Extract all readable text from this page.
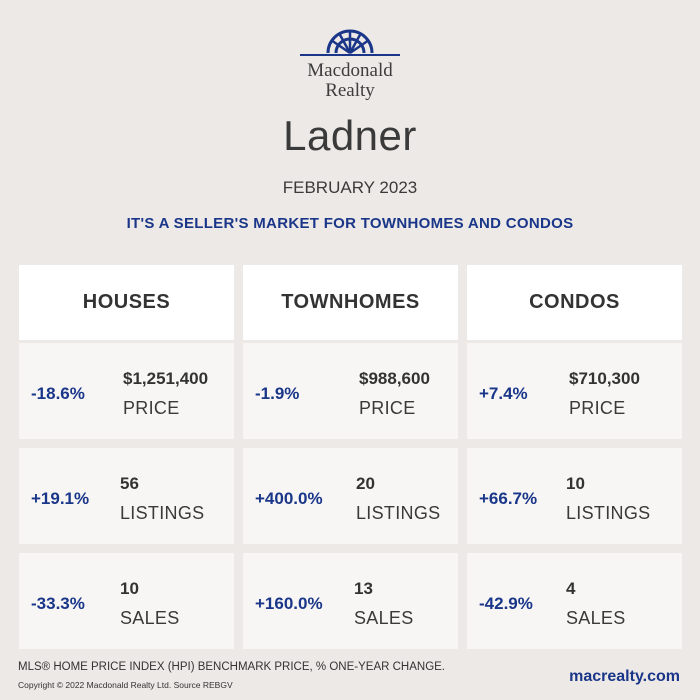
Macdonald
Realty
Ladner
FEBRUARY 2023
IT'S A SELLER'S MARKET FOR TOWNHOMES AND CONDOS
HOUSES
-18.6%
$1,251,400
PRICE
+19.1%
56
LISTINGS
-33.3%
10
SALES
TOWNHOMES
-1.9%
$988,600
PRICE
+400.0%
20
LISTINGS
+160.0%
13
SALES
CONDOS
+7.4%
$710,300
PRICE
+66.7%
10
LISTINGS
-42.9%
4
SALES
MLS® HOME PRICE INDEX (HPI) BENCHMARK PRICE, % ONE-YEAR CHANGE.
Copyright © 2022 Macdonald Realty Ltd. Source REBGV	macrealty.com
